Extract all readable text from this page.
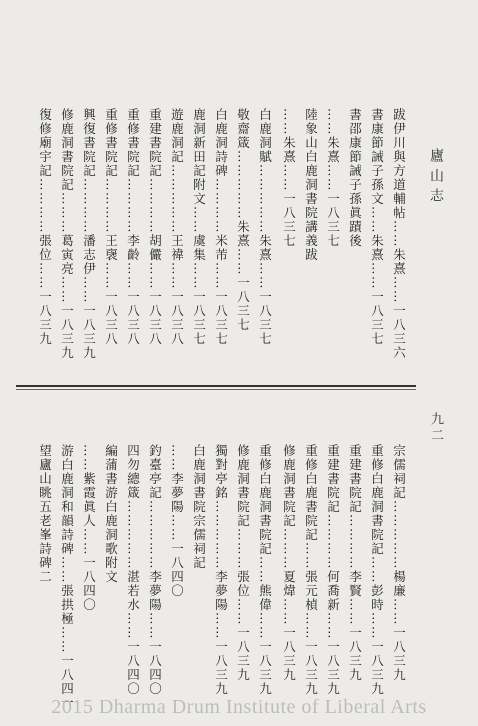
廬山志
九二
跋伊川與方道輔帖……朱熹……一八三六
書康節誡子孫文……朱熹……一八三七
書邵康節誡子孫眞蹟後
……朱熹……一八三七
陸象山白鹿洞書院講義跋
……朱熹……一八三七
白鹿洞賦……………朱熹……一八三七
敬齋箴……………朱熹……一八三七
白鹿洞詩碑…………米芾……一八三七
鹿洞新田記附文……虞集……一八三七
遊鹿洞記……………王禕……一八三八
重建書院記…………胡儼……一八三八
重修書院記…………李齡……一八三八
重修書院記…………王襃……一八三八
興復書院記…………潘志伊……一八三九
修鹿洞書院記………葛寅亮……一八三九
復修廟宇記…………張位……一八三九
宗儒祠記……………楊廉……一八三九
重修白鹿洞書院記……彭時……一八三九
重建書院記…………李賢……一八三九
重建書院記…………何喬新……一八三九
重修白鹿書院記……張元楨……一八三九
修鹿洞書院記………夏煒……一八三九
重修白鹿洞書院記……熊偉……一八三九
修鹿洞書院記………張位……一八三九
獨對亭銘……………李夢陽……一八三九
白鹿洞書院宗儒祠記
……李夢陽……一八四〇
釣臺亭記……………李夢陽……一八四〇
四勿總箴……………湛若水……一八四〇
編蒲書游白鹿洞歌附文
……紫霞眞人……一八四〇
游白鹿洞和韻詩碑……張拱極……一八四一
望廬山眺五老峯詩碑二
2015 Dharma Drum Institute of Liberal Arts
